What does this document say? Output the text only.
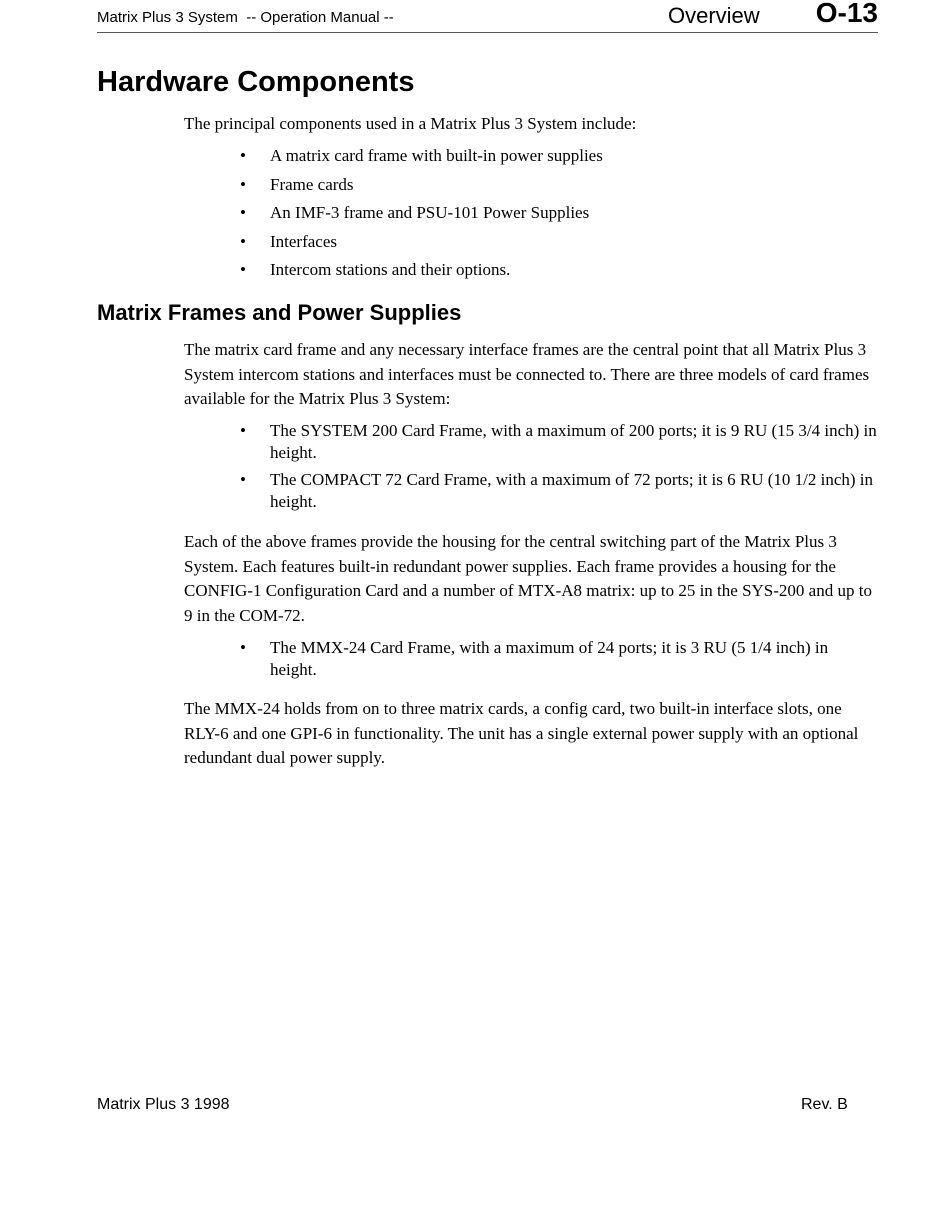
Matrix Plus 3 System  -- Operation Manual --	Overview O-13
Hardware Components

The principal components used in a Matrix Plus 3 System include:

• A matrix card frame with built-in power supplies
• Frame cards
• An IMF-3 frame and PSU-101 Power Supplies
• Interfaces
• Intercom stations and their options.
Matrix Frames and Power Supplies

The matrix card frame and any necessary interface frames are the central point that all Matrix Plus 3 System intercom stations and interfaces must be connected to. There are three models of card frames available for the Matrix Plus 3 System:

• The SYSTEM 200 Card Frame, with a maximum of 200 ports; it is 9 RU (15 3/4 inch) in height.
• The COMPACT 72 Card Frame, with a maximum of 72 ports; it is 6 RU (10 1/2 inch) in height.

Each of the above frames provide the housing for the central switching part of the Matrix Plus 3 System. Each features built-in redundant power supplies. Each frame provides a housing for the CONFIG-1 Configuration Card and a number of MTX-A8 matrix: up to 25 in the SYS-200 and up to 9 in the COM-72.

• The MMX-24 Card Frame, with a maximum of 24 ports; it is 3 RU (5 1/4 inch) in height.

The MMX-24 holds from on to three matrix cards, a config card, two built-in interface slots, one RLY-6 and one GPI-6 in functionality. The unit has a single external power supply with an optional redundant dual power supply.

Matrix Plus 3 1998	Rev. B
